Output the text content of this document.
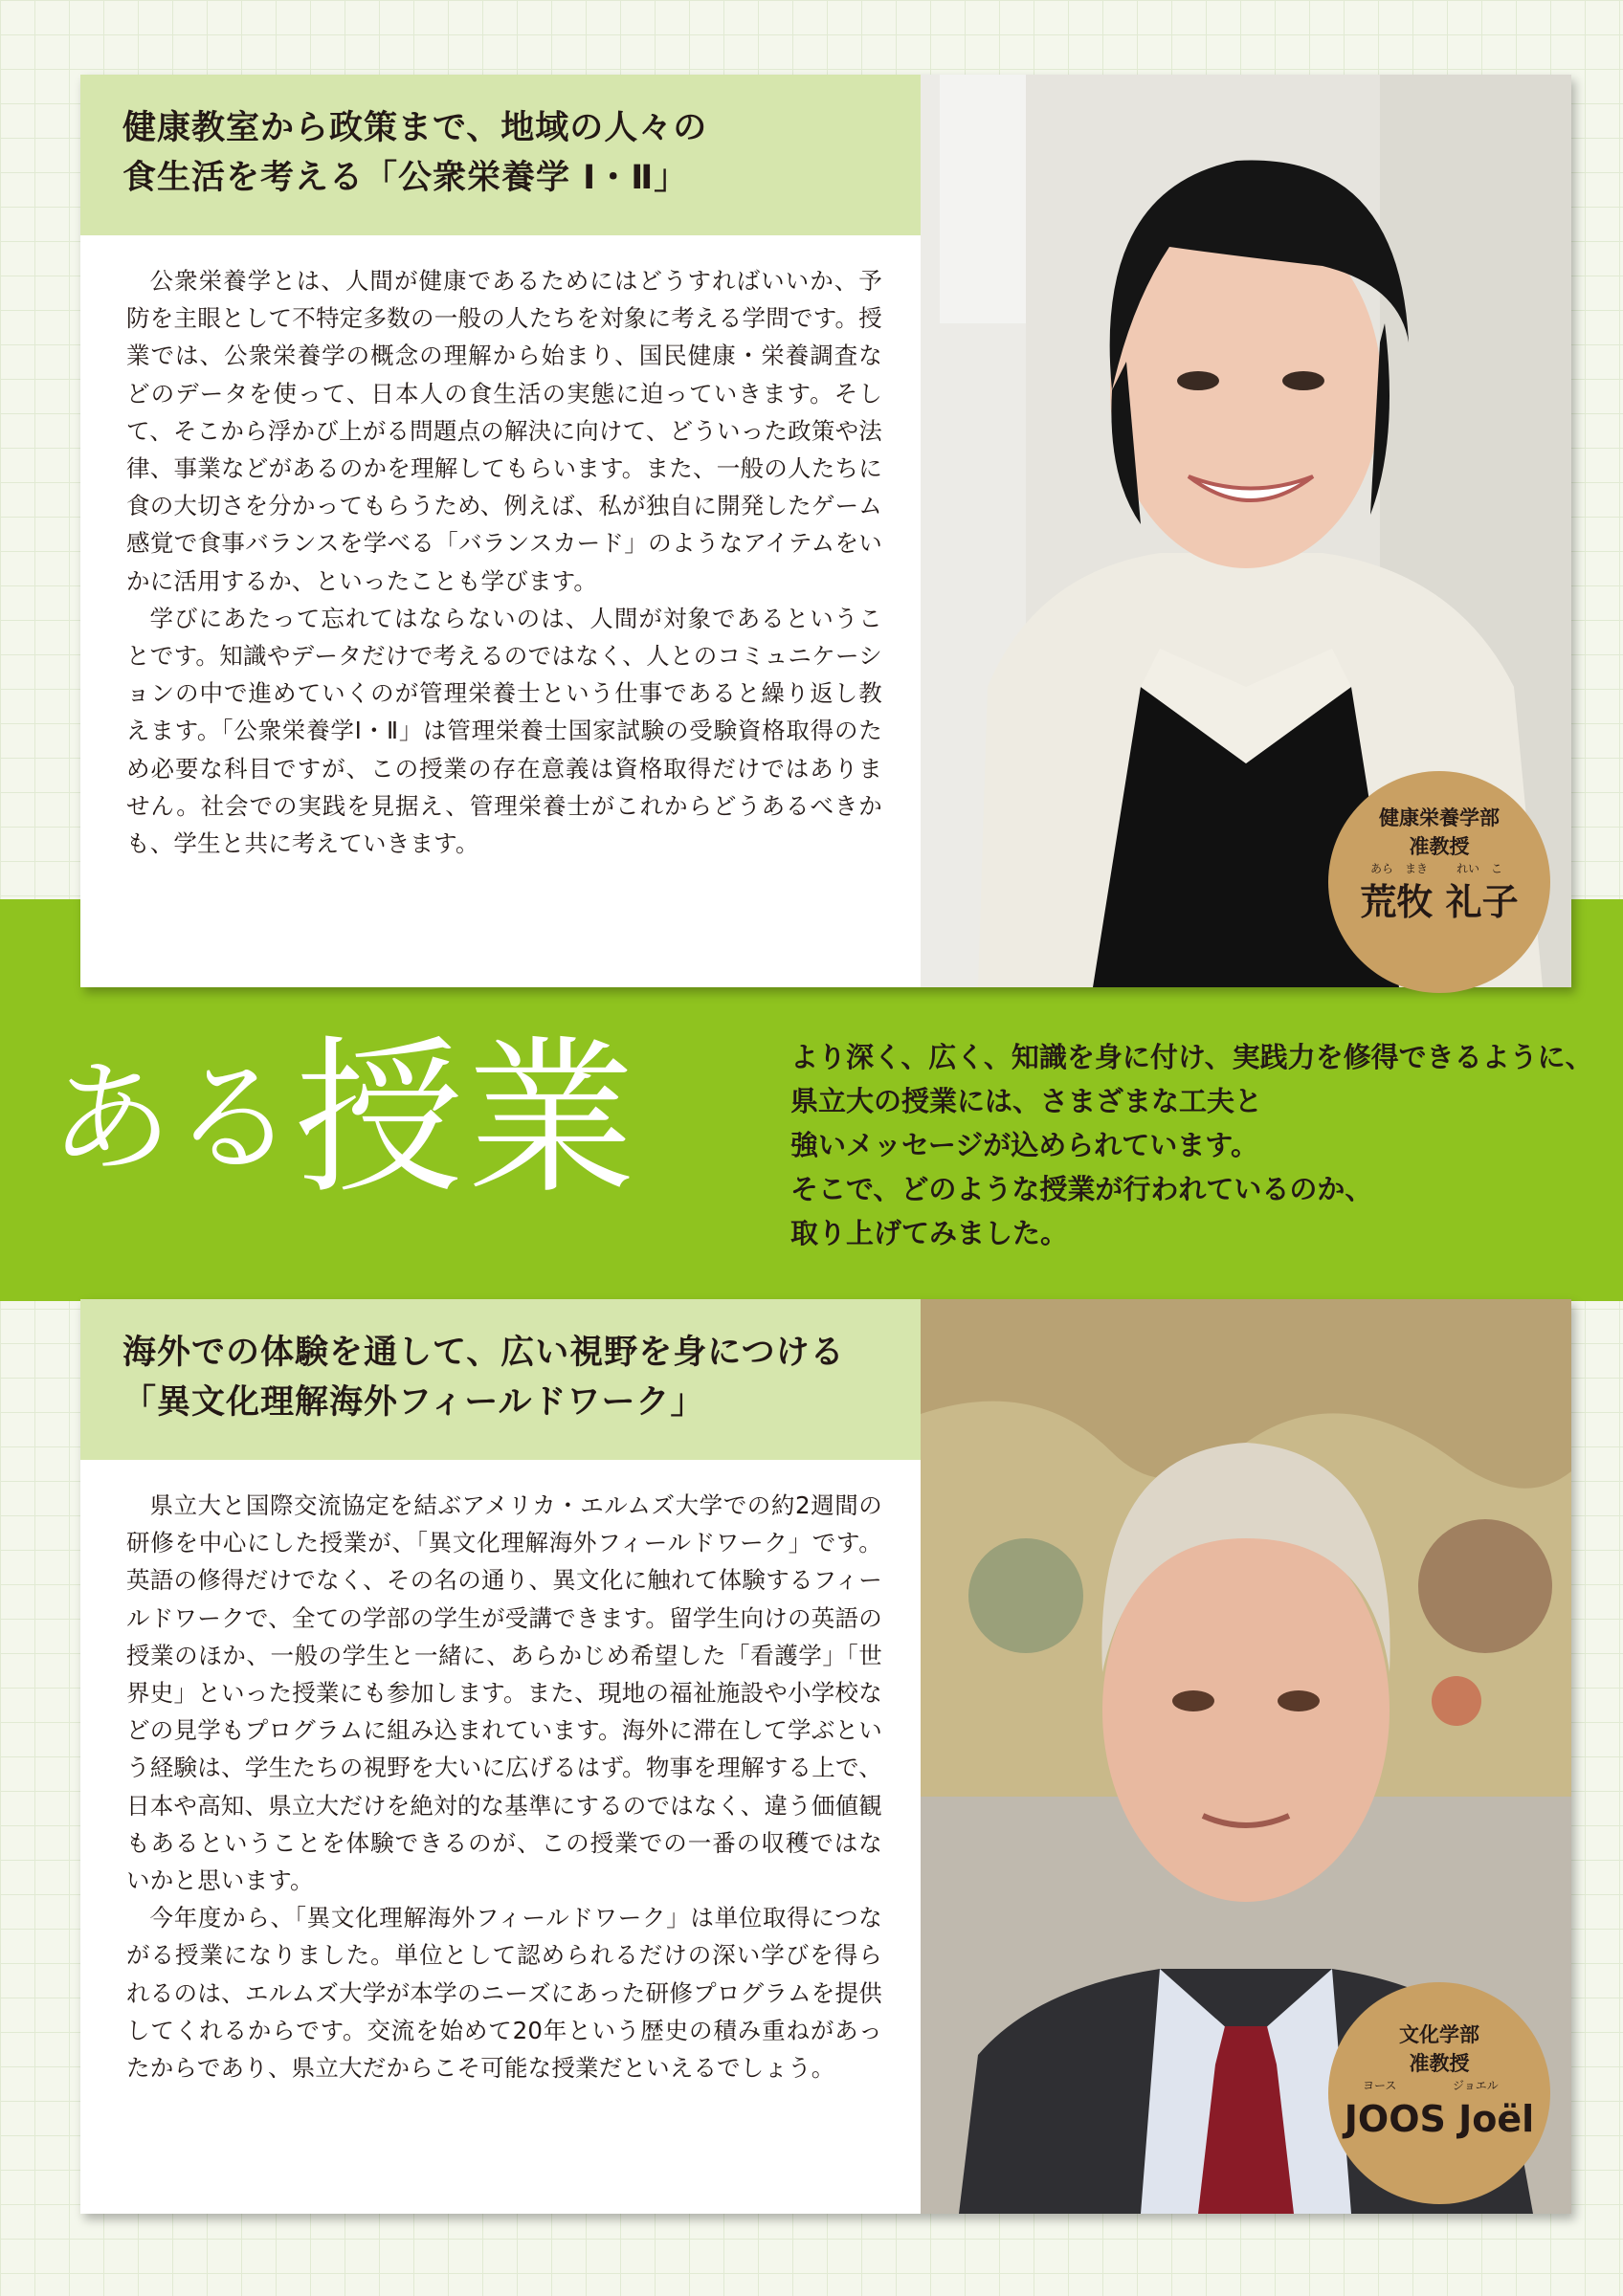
健康教室から政策まで、地域の人々の
食生活を考える「公衆栄養学 Ⅰ・Ⅱ」

公衆栄養学とは、人間が健康であるためにはどうすればいいか、予防を主眼として不特定多数の一般の人たちを対象に考える学問です。授業では、公衆栄養学の概念の理解から始まり、国民健康・栄養調査などのデータを使って、日本人の食生活の実態に迫っていきます。そして、そこから浮かび上がる問題点の解決に向けて、どういった政策や法律、事業などがあるのかを理解してもらいます。また、一般の人たちに食の大切さを分かってもらうため、例えば、私が独自に開発したゲーム感覚で食事バランスを学べる「バランスカード」のようなアイテムをいかに活用するか、といったことも学びます。

学びにあたって忘れてはならないのは、人間が対象であるということです。知識やデータだけで考えるのではなく、人とのコミュニケーションの中で進めていくのが管理栄養士という仕事であると繰り返し教えます。「公衆栄養学Ⅰ・Ⅱ」は管理栄養士国家試験の受験資格取得のため必要な科目ですが、この授業の存在意義は資格取得だけではありません。社会での実践を見据え、管理栄養士がこれからどうあるべきかも、学生と共に考えていきます。

健康栄養学部
准教授
あら まき れい こ
荒牧 礼子
ある授業	より深く、広く、知識を身に付け、実践力を修得できるように、
県立大の授業には、さまざまな工夫と
強いメッセージが込められています。
そこで、どのような授業が行われているのか、
取り上げてみました。
海外での体験を通して、広い視野を身につける
「異文化理解海外フィールドワーク」

県立大と国際交流協定を結ぶアメリカ・エルムズ大学での約2週間の研修を中心にした授業が、「異文化理解海外フィールドワーク」です。英語の修得だけでなく、その名の通り、異文化に触れて体験するフィールドワークで、全ての学部の学生が受講できます。留学生向けの英語の授業のほか、一般の学生と一緒に、あらかじめ希望した「看護学」「世界史」といった授業にも参加します。また、現地の福祉施設や小学校などの見学もプログラムに組み込まれています。海外に滞在して学ぶという経験は、学生たちの視野を大いに広げるはず。物事を理解する上で、日本や高知、県立大だけを絶対的な基準にするのではなく、違う価値観もあるということを体験できるのが、この授業での一番の収穫ではないかと思います。

今年度から、「異文化理解海外フィールドワーク」は単位取得につながる授業になりました。単位として認められるだけの深い学びを得られるのは、エルムズ大学が本学のニーズにあった研修プログラムを提供してくれるからです。交流を始めて20年という歴史の積み重ねがあったからであり、県立大だからこそ可能な授業だといえるでしょう。

文化学部
准教授
ヨース	ジョエル
JOOS Joël
